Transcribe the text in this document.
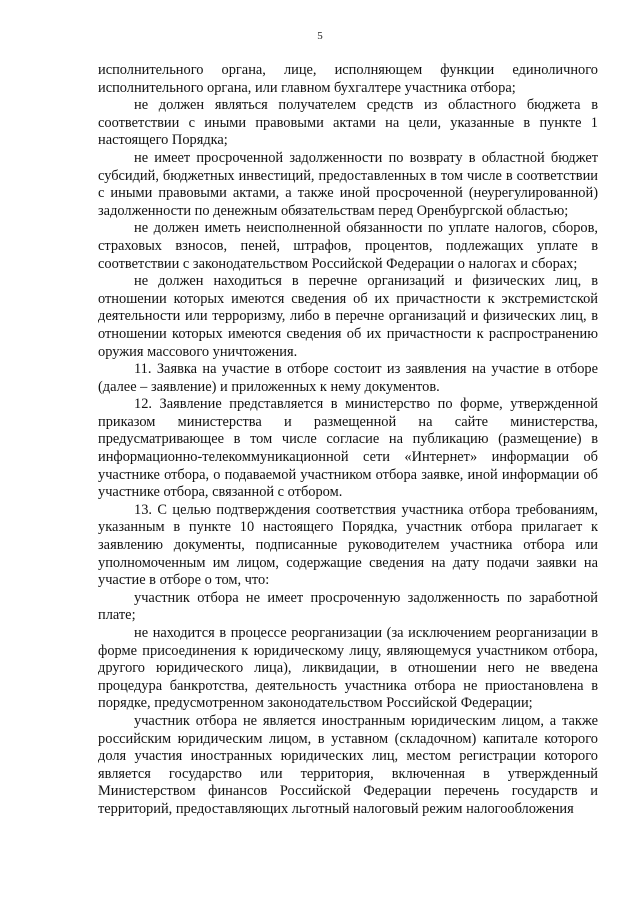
5

исполнительного органа, лице, исполняющем функции единоличного исполнительного органа, или главном бухгалтере участника отбора;

не должен являться получателем средств из областного бюджета в соответствии с иными правовыми актами на цели, указанные в пункте 1 настоящего Порядка;

не имеет просроченной задолженности по возврату в областной бюджет субсидий, бюджетных инвестиций, предоставленных в том числе в соответствии с иными правовыми актами, а также иной просроченной (неурегулированной) задолженности по денежным обязательствам перед Оренбургской областью;

не должен иметь неисполненной обязанности по уплате налогов, сборов, страховых взносов, пеней, штрафов, процентов, подлежащих уплате в соответствии с законодательством Российской Федерации о налогах и сборах;

не должен находиться в перечне организаций и физических лиц, в отношении которых имеются сведения об их причастности к экстремистской деятельности или терроризму, либо в перечне организаций и физических лиц, в отношении которых имеются сведения об их причастности к распространению оружия массового уничтожения.

11. Заявка на участие в отборе состоит из заявления на участие в отборе (далее – заявление) и приложенных к нему документов.

12. Заявление представляется в министерство по форме, утвержденной приказом министерства и размещенной на сайте министерства, предусматривающее в том числе согласие на публикацию (размещение) в информационно-телекоммуникационной сети «Интернет» информации об участнике отбора, о подаваемой участником отбора заявке, иной информации об участнике отбора, связанной с отбором.

13. С целью подтверждения соответствия участника отбора требованиям, указанным в пункте 10 настоящего Порядка, участник отбора прилагает к заявлению документы, подписанные руководителем участника отбора или уполномоченным им лицом, содержащие сведения на дату подачи заявки на участие в отборе о том, что:

участник отбора не имеет просроченную задолженность по заработной плате;

не находится в процессе реорганизации (за исключением реорганизации в форме присоединения к юридическому лицу, являющемуся участником отбора, другого юридического лица), ликвидации, в отношении него не введена процедура банкротства, деятельность участника отбора не приостановлена в порядке, предусмотренном законодательством Российской Федерации;

участник отбора не является иностранным юридическим лицом, а также российским юридическим лицом, в уставном (складочном) капитале которого доля участия иностранных юридических лиц, местом регистрации которого является государство или территория, включенная в утвержденный Министерством финансов Российской Федерации перечень государств и территорий, предоставляющих льготный налоговый режим налогообложения
